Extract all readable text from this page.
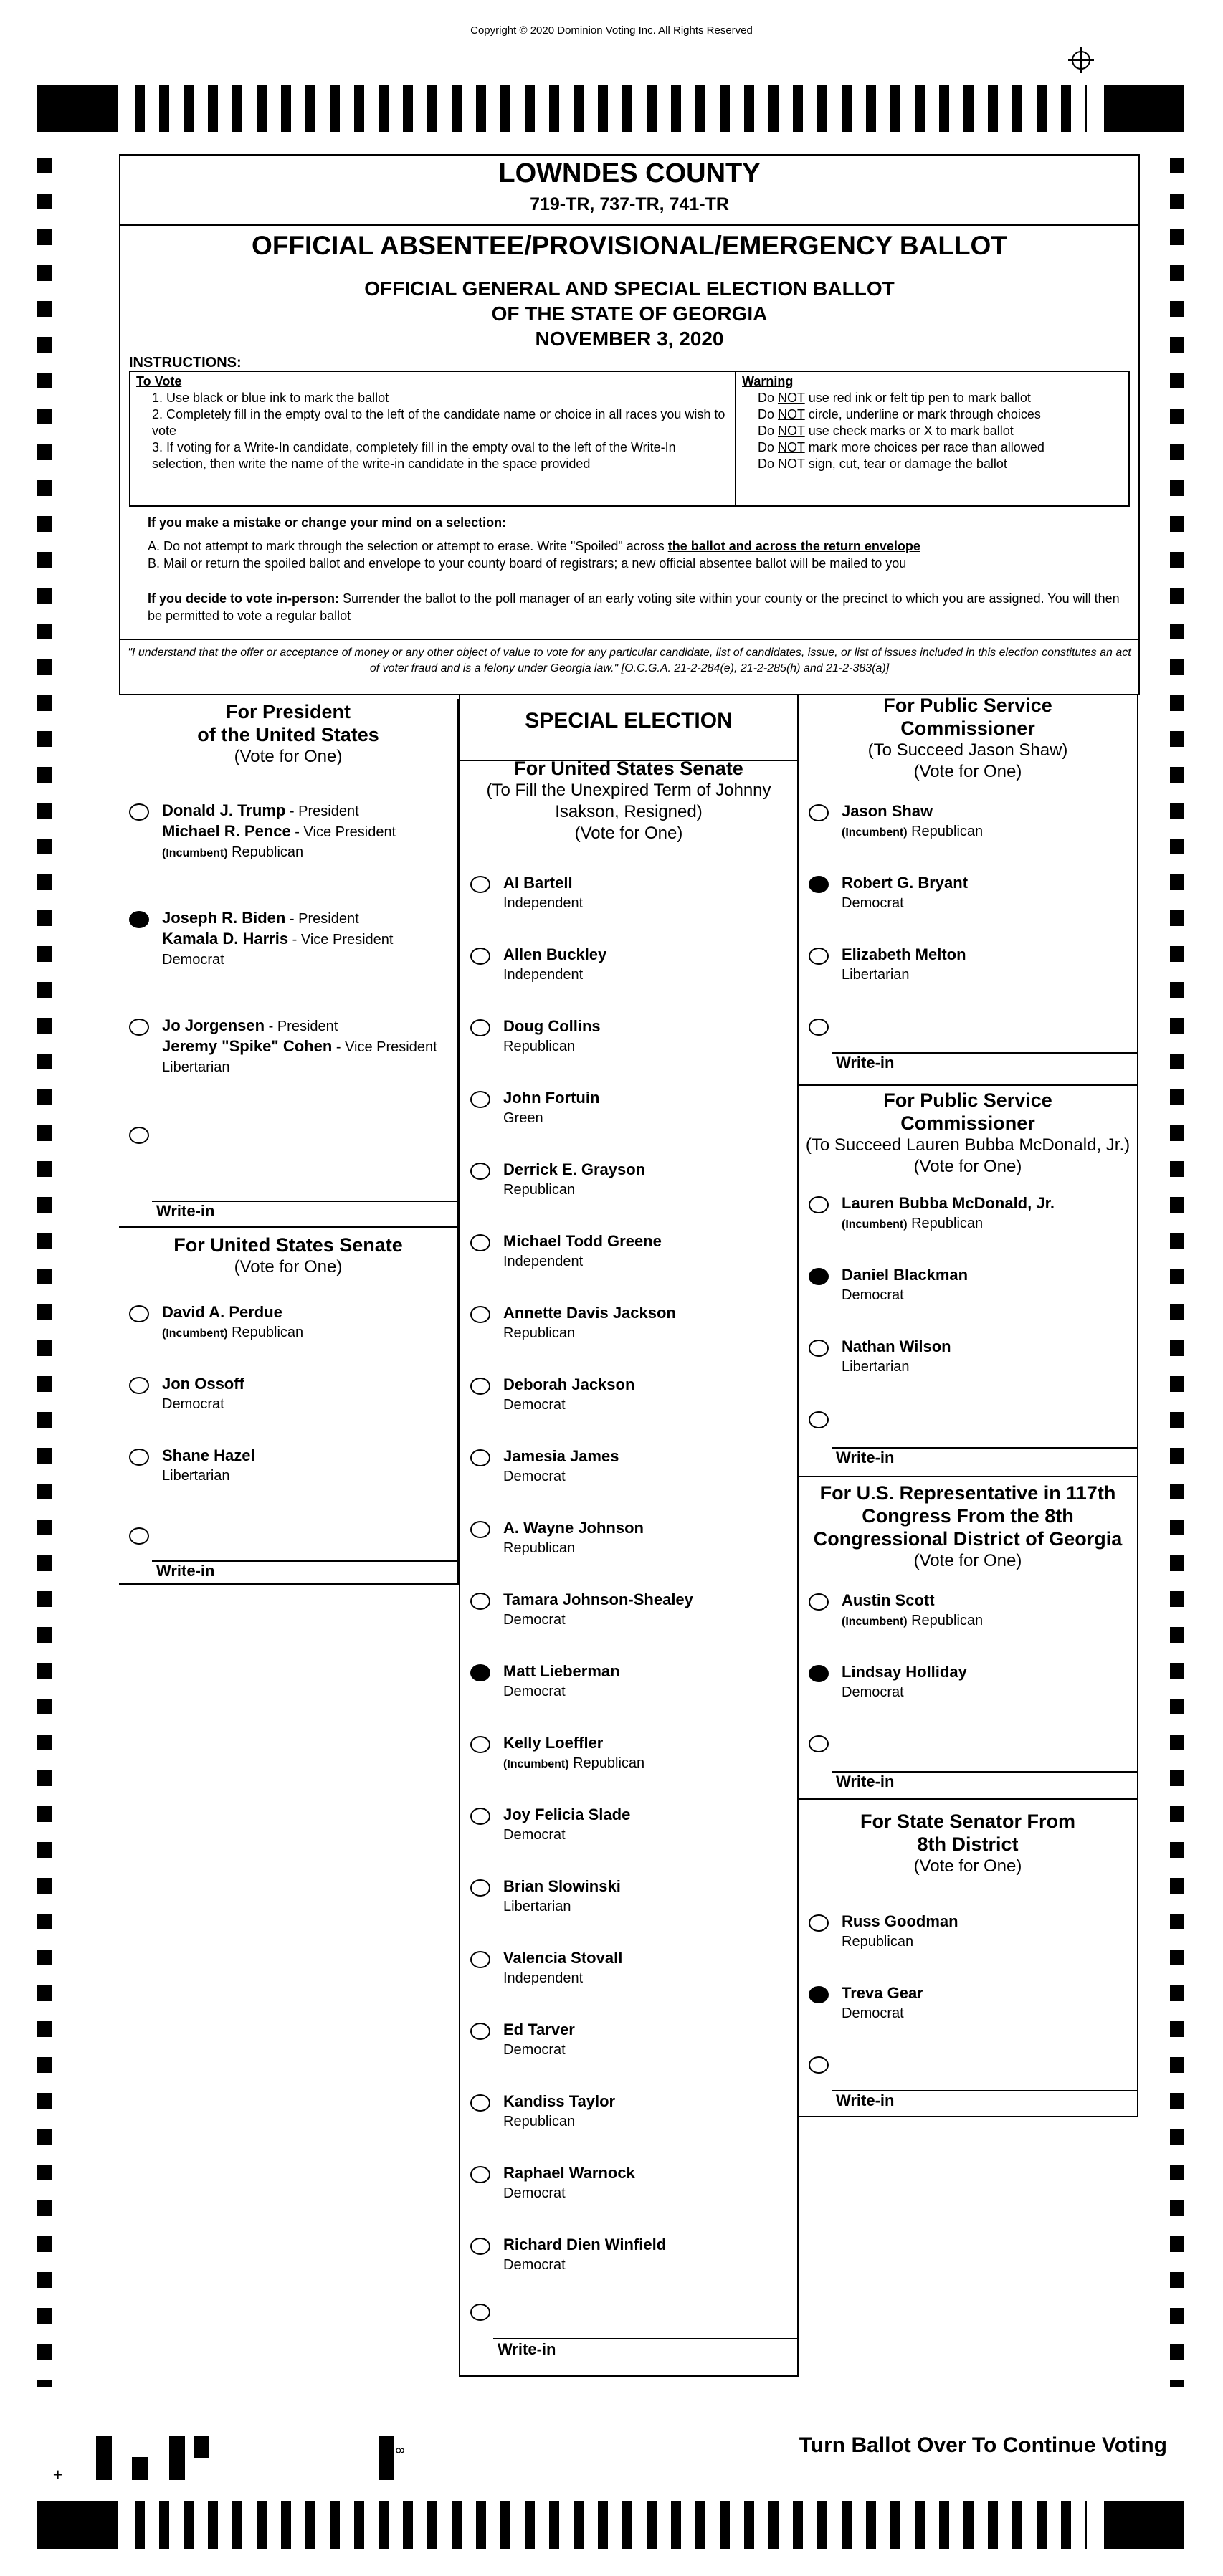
Copyright © 2020 Dominion Voting Inc. All Rights Reserved
LOWNDES COUNTY
719-TR, 737-TR, 741-TR
OFFICIAL ABSENTEE/PROVISIONAL/EMERGENCY BALLOT
OFFICIAL GENERAL AND SPECIAL ELECTION BALLOT
OF THE STATE OF GEORGIA
NOVEMBER 3, 2020
INSTRUCTIONS:
To Vote
1. Use black or blue ink to mark the ballot
2. Completely fill in the empty oval to the left of the candidate name or choice in all races you wish to vote
3. If voting for a Write-In candidate, completely fill in the empty oval to the left of the Write-In selection, then write the name of the write-in candidate in the space provided
Warning
Do NOT use red ink or felt tip pen to mark ballot
Do NOT circle, underline or mark through choices
Do NOT use check marks or X to mark ballot
Do NOT mark more choices per race than allowed
Do NOT sign, cut, tear or damage the ballot
If you make a mistake or change your mind on a selection:
A. Do not attempt to mark through the selection or attempt to erase. Write "Spoiled" across the ballot and across the return envelope
B. Mail or return the spoiled ballot and envelope to your county board of registrars; a new official absentee ballot will be mailed to you
If you decide to vote in-person: Surrender the ballot to the poll manager of an early voting site within your county or the precinct to which you are assigned. You will then be permitted to vote a regular ballot
"I understand that the offer or acceptance of money or any other object of value to vote for any particular candidate, list of candidates, issue, or list of issues included in this election constitutes an act of voter fraud and is a felony under Georgia law." [O.C.G.A. 21-2-284(e), 21-2-285(h) and 21-2-383(a)]
For President
of the United States
(Vote for One)
Donald J. Trump - President
Michael R. Pence - Vice President
(Incumbent) Republican
Joseph R. Biden - President
Kamala D. Harris - Vice President
Democrat
Jo Jorgensen - President
Jeremy "Spike" Cohen - Vice President
Libertarian
Write-in
For United States Senate
(Vote for One)
David A. Perdue
(Incumbent) Republican
Jon Ossoff
Democrat
Shane Hazel
Libertarian
Write-in
SPECIAL ELECTION
For United States Senate
(To Fill the Unexpired Term of Johnny
Isakson, Resigned)
(Vote for One)
Al Bartell
Independent
Allen Buckley
Independent
Doug Collins
Republican
John Fortuin
Green
Derrick E. Grayson
Republican
Michael Todd Greene
Independent
Annette Davis Jackson
Republican
Deborah Jackson
Democrat
Jamesia James
Democrat
A. Wayne Johnson
Republican
Tamara Johnson-Shealey
Democrat
Matt Lieberman
Democrat
Kelly Loeffler
(Incumbent) Republican
Joy Felicia Slade
Democrat
Brian Slowinski
Libertarian
Valencia Stovall
Independent
Ed Tarver
Democrat
Kandiss Taylor
Republican
Raphael Warnock
Democrat
Richard Dien Winfield
Democrat
Write-in
For Public Service
Commissioner
(To Succeed Jason Shaw)
(Vote for One)
Jason Shaw
(Incumbent) Republican
Robert G. Bryant
Democrat
Elizabeth Melton
Libertarian
Write-in
For Public Service
Commissioner
(To Succeed Lauren Bubba McDonald, Jr.)
(Vote for One)
Lauren Bubba McDonald, Jr.
(Incumbent) Republican
Daniel Blackman
Democrat
Nathan Wilson
Libertarian
Write-in
For U.S. Representative in 117th
Congress From the 8th
Congressional District of Georgia
(Vote for One)
Austin Scott
(Incumbent) Republican
Lindsay Holliday
Democrat
Write-in
For State Senator From
8th District
(Vote for One)
Russ Goodman
Republican
Treva Gear
Democrat
Write-in
+
8	Turn Ballot Over To Continue Voting
